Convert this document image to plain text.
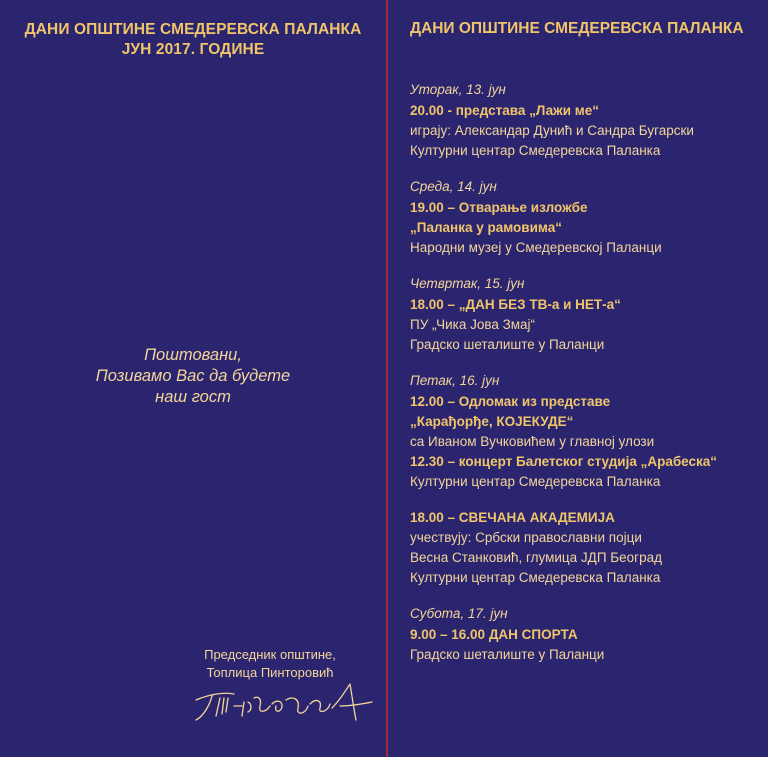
ДАНИ ОПШТИНЕ СМЕДЕРЕВСКА ПАЛАНКА
ЈУН 2017. ГОДИНЕ
Поштовани,
Позивамо Вас да будете
наш гост
Председник општине,
Топлица Пинторовић
ДАНИ ОПШТИНЕ СМЕДЕРЕВСКА ПАЛАНКА
Уторак, 13. јун
20.00 - представа „Лажи ме“
играју: Александар Дунић и Сандра Бугарски
Културни центар Смедеревска Паланка
Среда, 14. јун
19.00 – Отварање изложбе
„Паланка у рамовима“
Народни музеј у Смедеревској Паланци
Четвртак, 15. јун
18.00 – „ДАН БЕЗ ТВ-а и НЕТ-а“
ПУ „Чика Јова Змај“
Градско шеталиште у Паланци
Петак, 16. јун
12.00 – Одломак из представе
„Карађорђе, КОЈЕКУДЕ“
са Иваном Вучковићем у главној улози
12.30 – концерт Балетског студија „Арабеска“
Културни центар Смедеревска Паланка
18.00 – СВЕЧАНА АКАДЕМИЈА
учествују: Србски православни појци
Весна Станковић, глумица ЈДП Београд
Културни центар Смедеревска Паланка
Субота, 17. јун
9.00 – 16.00 ДАН СПОРТА
Градско шеталиште у Паланци
